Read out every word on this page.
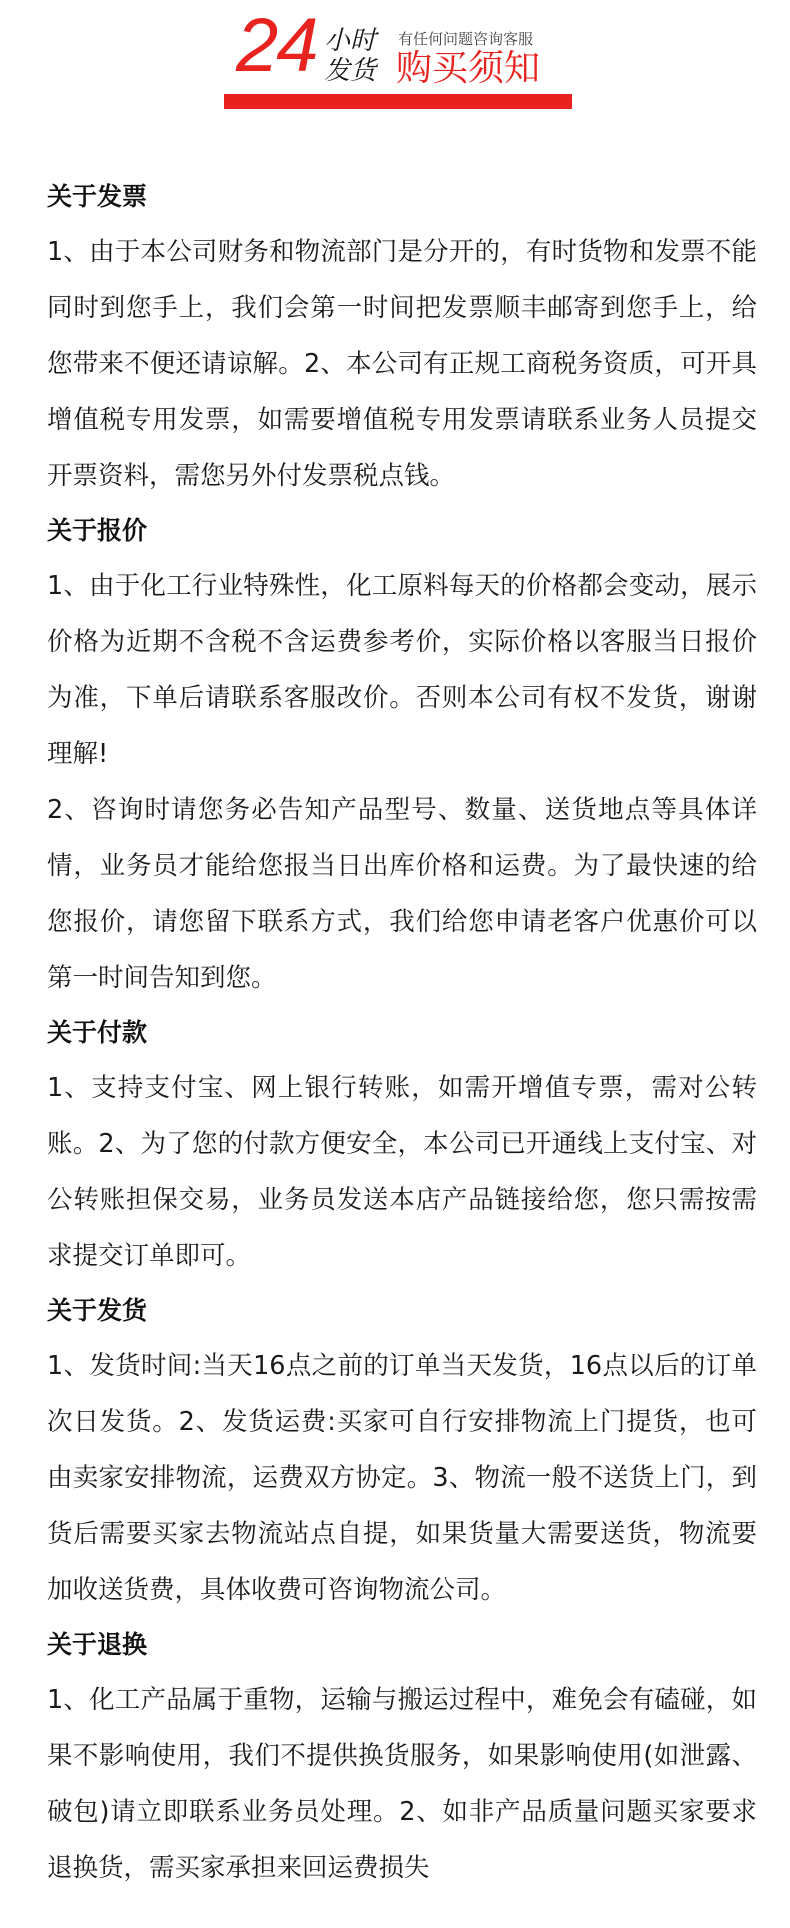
24 小时
发货
有任何问题咨询客服
购买须知
关于发票

1、由于本公司财务和物流部门是分开的，有时货物和发票不能同时到您手上，我们会第一时间把发票顺丰邮寄到您手上，给您带来不便还请谅解。2、本公司有正规工商税务资质，可开具增值税专用发票，如需要增值税专用发票请联系业务人员提交开票资料，需您另外付发票税点钱。

关于报价

1、由于化工行业特殊性，化工原料每天的价格都会变动，展示价格为近期不含税不含运费参考价，实际价格以客服当日报价为准，下单后请联系客服改价。否则本公司有权不发货，谢谢理解!

2、咨询时请您务必告知产品型号、数量、送货地点等具体详情，业务员才能给您报当日出库价格和运费。为了最快速的给您报价，请您留下联系方式，我们给您申请老客户优惠价可以第一时间告知到您。

关于付款

1、支持支付宝、网上银行转账，如需开增值专票，需对公转账。2、为了您的付款方便安全，本公司已开通线上支付宝、对公转账担保交易，业务员发送本店产品链接给您，您只需按需求提交订单即可。

关于发货

1、发货时间:当天16点之前的订单当天发货，16点以后的订单次日发货。2、发货运费:买家可自行安排物流上门提货，也可由卖家安排物流，运费双方协定。3、物流一般不送货上门，到货后需要买家去物流站点自提，如果货量大需要送货，物流要加收送货费，具体收费可咨询物流公司。

关于退换

1、化工产品属于重物，运输与搬运过程中，难免会有磕碰，如果不影响使用，我们不提供换货服务，如果影响使用(如泄露、破包)请立即联系业务员处理。2、如非产品质量问题买家要求退换货，需买家承担来回运费损失
